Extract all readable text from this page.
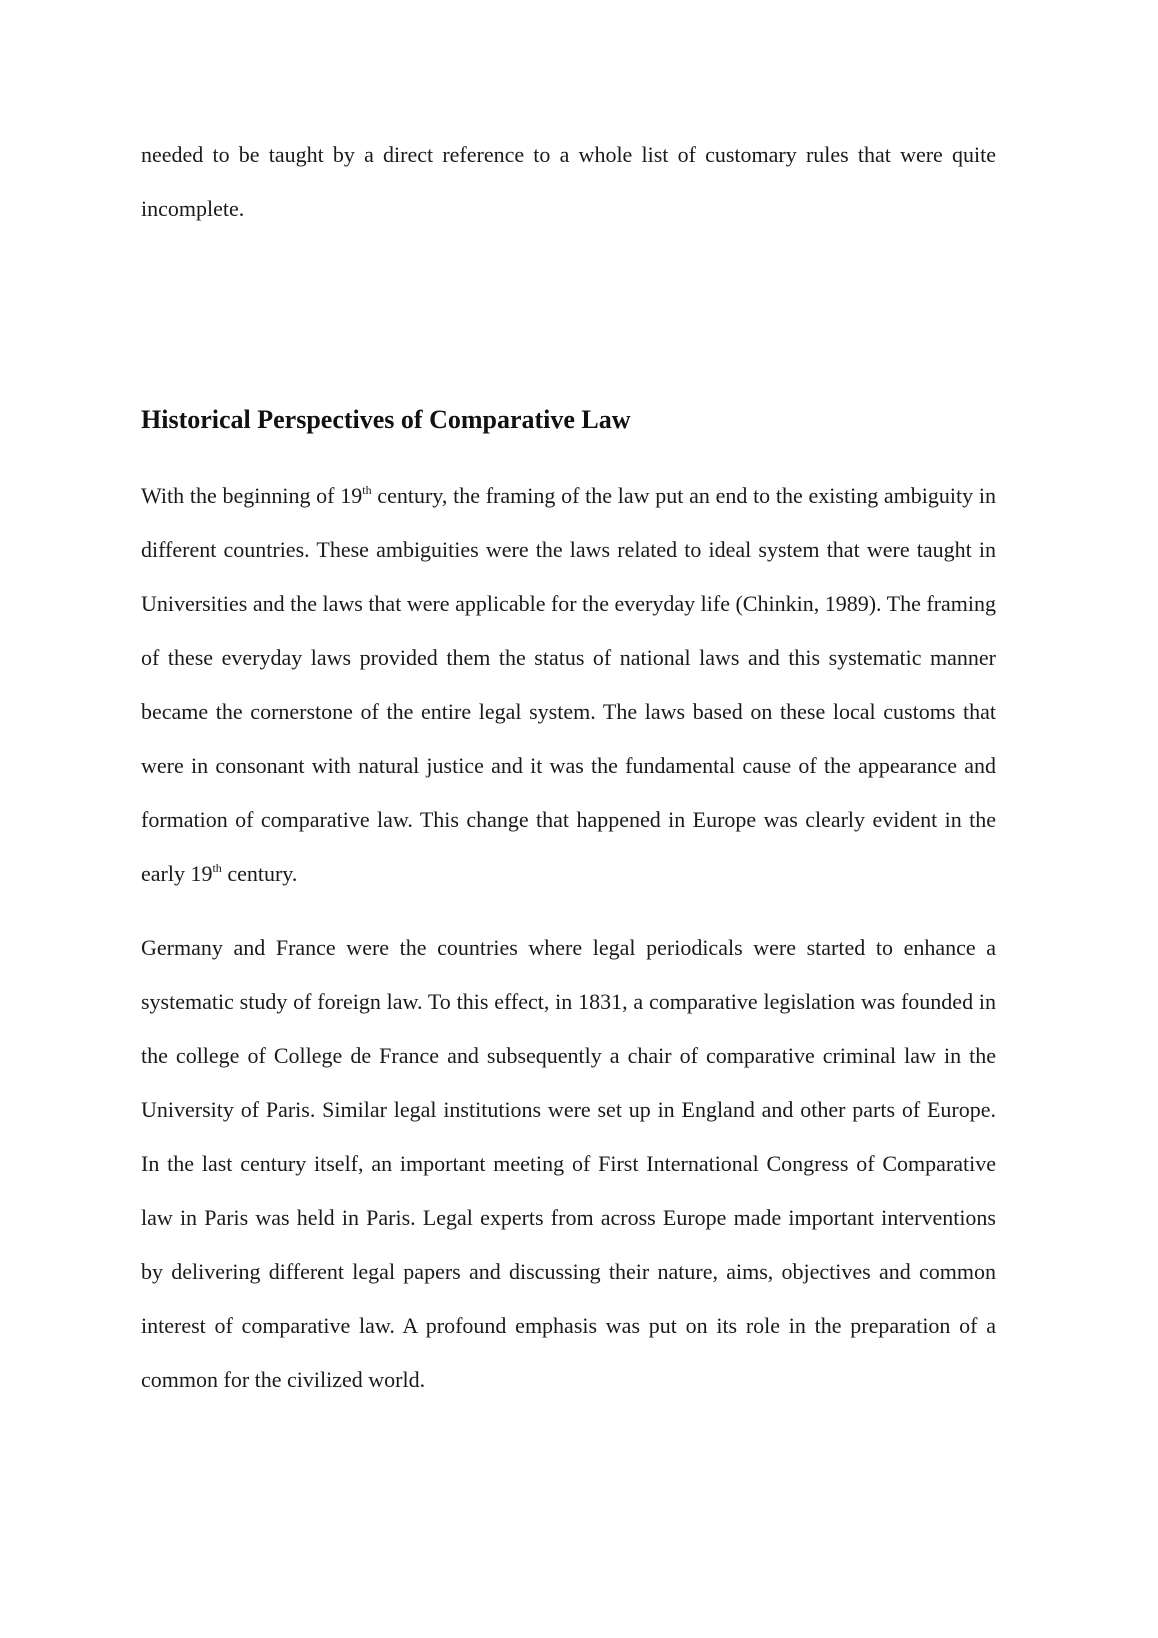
needed to be taught by a direct reference to a whole list of customary rules that were quite incomplete.

Historical Perspectives of Comparative Law

With the beginning of 19th century, the framing of the law put an end to the existing ambiguity in different countries. These ambiguities were the laws related to ideal system that were taught in Universities and the laws that were applicable for the everyday life (Chinkin, 1989). The framing of these everyday laws provided them the status of national laws and this systematic manner became the cornerstone of the entire legal system. The laws based on these local customs that were in consonant with natural justice and it was the fundamental cause of the appearance and formation of comparative law. This change that happened in Europe was clearly evident in the early 19th century.

Germany and France were the countries where legal periodicals were started to enhance a systematic study of foreign law. To this effect, in 1831, a comparative legislation was founded in the college of College de France and subsequently a chair of comparative criminal law in the University of Paris. Similar legal institutions were set up in England and other parts of Europe. In the last century itself, an important meeting of First International Congress of Comparative law in Paris was held in Paris. Legal experts from across Europe made important interventions by delivering different legal papers and discussing their nature, aims, objectives and common interest of comparative law. A profound emphasis was put on its role in the preparation of a common for the civilized world.
